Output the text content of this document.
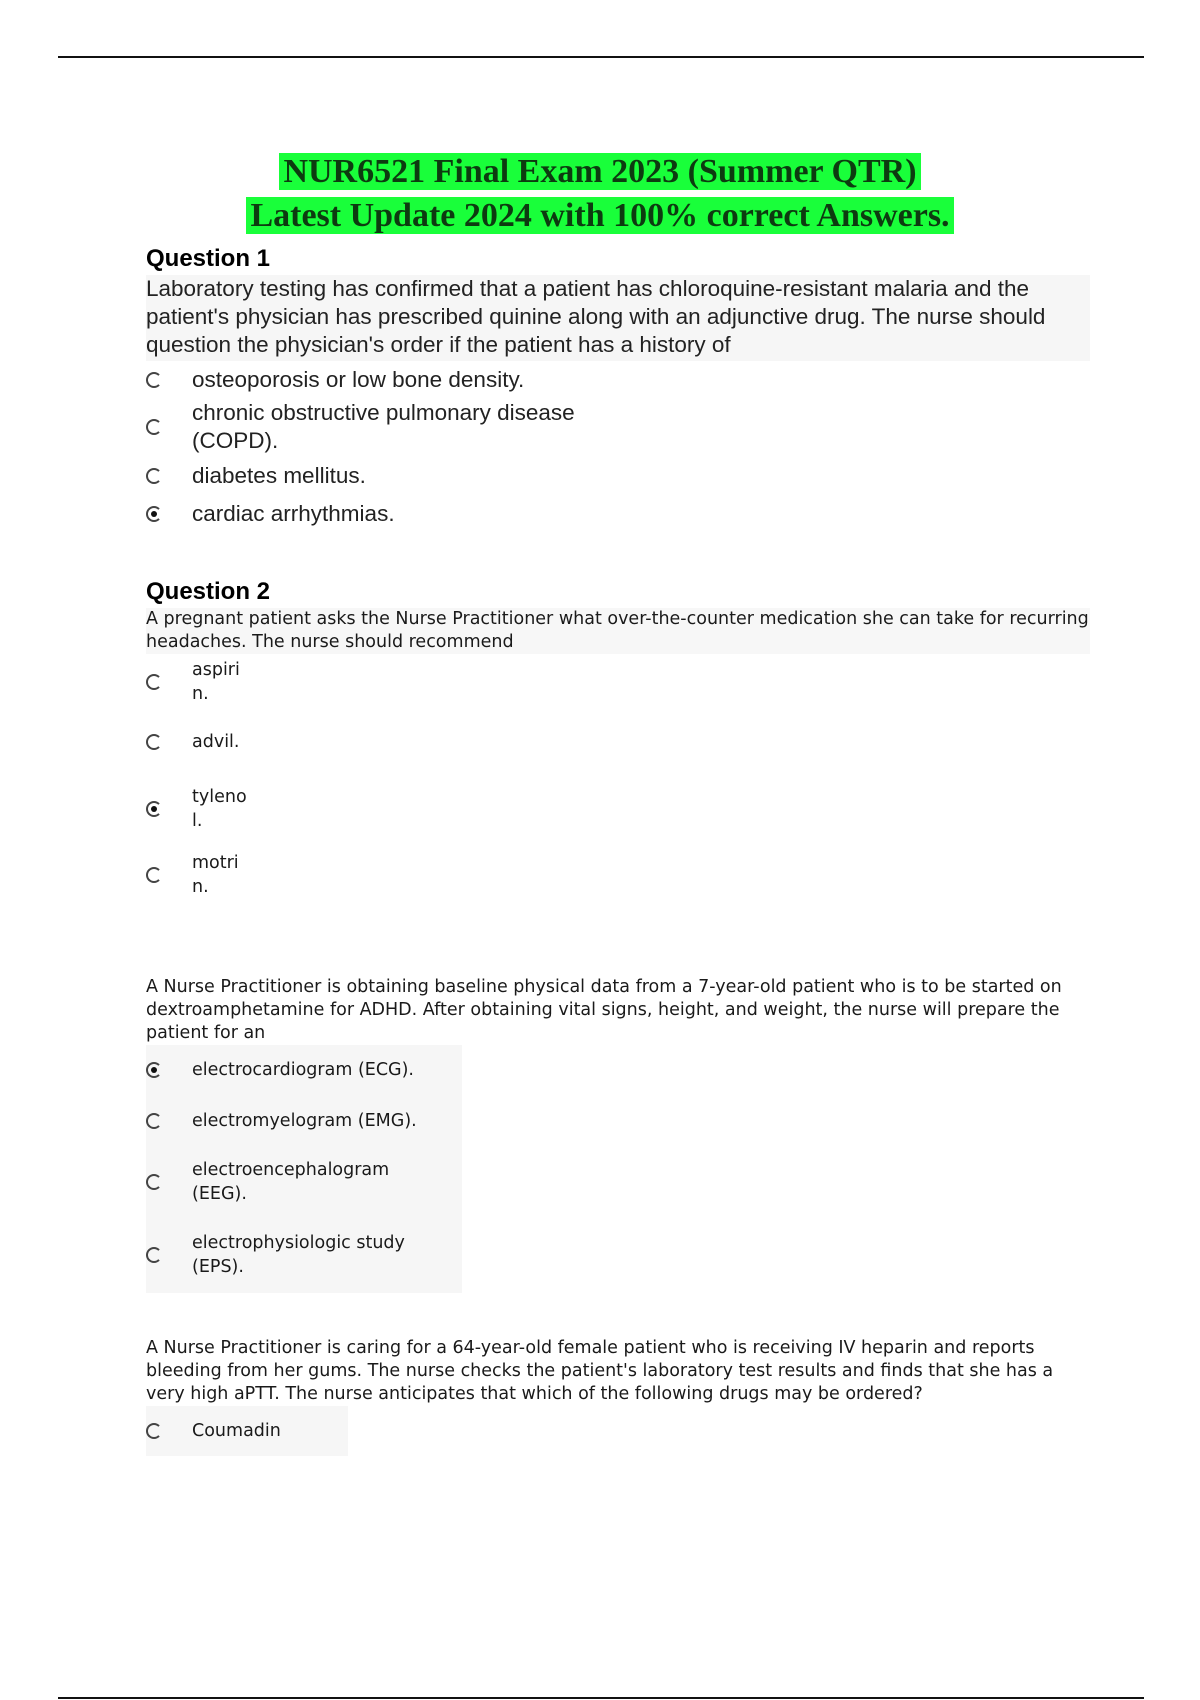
NUR6521 Final Exam 2023 (Summer QTR)
Latest Update 2024 with 100% correct Answers.
Question 1
Laboratory testing has confirmed that a patient has chloroquine-resistant malaria and the patient's physician has prescribed quinine along with an adjunctive drug. The nurse should question the physician's order if the patient has a history of
osteoporosis or low bone density.
chronic obstructive pulmonary disease (COPD).
diabetes mellitus.
cardiac arrhythmias.
Question 2
A pregnant patient asks the Nurse Practitioner what over-the-counter medication she can take for recurring headaches. The nurse should recommend
aspirin.
advil.
tylenol.
motrin.
A Nurse Practitioner is obtaining baseline physical data from a 7-year-old patient who is to be started on dextroamphetamine for ADHD. After obtaining vital signs, height, and weight, the nurse will prepare the patient for an
electrocardiogram (ECG).
electromyelogram (EMG).
electroencephalogram (EEG).
electrophysiologic study (EPS).
A Nurse Practitioner is caring for a 64-year-old female patient who is receiving IV heparin and reports bleeding from her gums. The nurse checks the patient's laboratory test results and finds that she has a very high aPTT. The nurse anticipates that which of the following drugs may be ordered?
Coumadin
